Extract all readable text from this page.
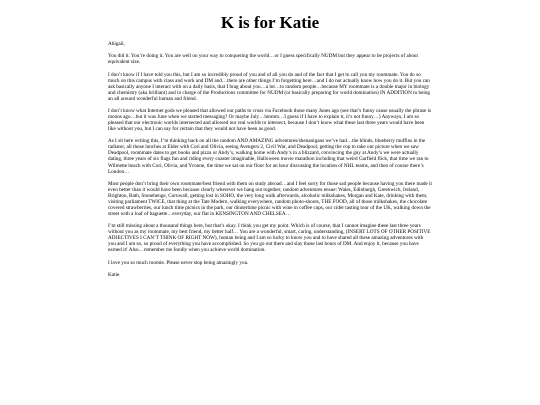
K is for Katie

Abigail,

You did it. You’re doing it. You are well on your way to conquering the world…or I guess specifically NUDM but they appear to be projects of about equivalent size.

I don’t know if I have told you this, but I am so incredibly proud of you and of all you do and of the fact that I get to call you my roommate. You do so much on this campus with class and work and DM and…there are other things I’m forgetting here…and I do not actually know how you do it. But you can ask basically anyone I interact with on a daily basis, that I brag about you…a lot…to random people…because MY roommate is a double major in biology and chemistry (aka brilliant) and in charge of the Productions committee for NUDM (or basically preparing for world domination) IN ADDITION to being an all around wonderful human and friend.

I don’t know what Internet gods we pleased that allowed our paths to cross via Facebook those many Junes ago (see that’s funny cause usually the phrase is moons ago…but it was June when we started messaging? Or maybe July…hmmm…I guess if I have to explain it, it’s not funny…) Anyways, I am so pleased that our electronic worlds intersected and allowed our real worlds to intersect, because I don’t know what these last three years would have been like without you, but I can say for certain that they would not have been as good.

As I sit here writing this, I’m thinking back on all the random AND AMAZING adventures/shenanigans we’ve had…the blinds, blueberry muffins in the radiator, all those lunches at Elder with Cori and Olivia, seeing Avengers 2, Civil War, and Deadpool, getting the cop to take our picture when we saw Deadpool, roommate dates to get books and pizza or Andy’s, walking home with Andy’s in a blizzard, convincing the guy at Andy’s we were actually dating, three years of six flags fun and riding every coaster imaginable, Halloween movie marathon including that weird Garfield flick, that time we ran to Wilmette beach with Cori, Olivia, and Yvonne, the time we sat on our floor for an hour discussing the location of NHL teams, and then of course there’s London…

Most people don’t bring their own roommate/best friend with them on study abroad…and I feel sorry for those sad people because having you there made it even better than it would have been because clearly wherever we hang out together, random adventures ensue: Wales, Edinburgh, Greenwich, Ireland, Brighton, Bath, Stonehenge, Cornwall, getting lost in SOHO, the very long walk afterwards, alcoholic milkshakes, Morgan and Kate, drinking with them, visiting parliament TWICE, that thing at the Tate Modern, walking everywhere, random photo-shoots, THE FOOD, all of those milkshakes, the chocolate covered strawberries, our lunch time picnics in the park, our dinnertime picnic with wine in coffee cups, our cider tasting tour of the UK, walking down the street with a loaf of baguette…everyday, our flat in KENSINGTON AND CHELSEA…

I’m still missing about a thousand things here, but that’s okay. I think you get my point. Which is of course, that I cannot imagine these last three years without you as my roommate, my best friend, my better half… You are a wonderful, smart, caring, understanding, (INSERT LOTS OF OTHER POSITIVE ADJECTIVES I CAN’T THINK OF RIGHT NOW), human being and I am so lucky to know you and to have shared all these amazing adventures with you and I am so, so proud of everything you have accomplished. So you go out there and slay those last hours of DM. And enjoy it, because you have earned it! Also…remember me fondly when you achieve world domination.

I love you so much roomie. Please never stop being amazingly you.

Katie.
